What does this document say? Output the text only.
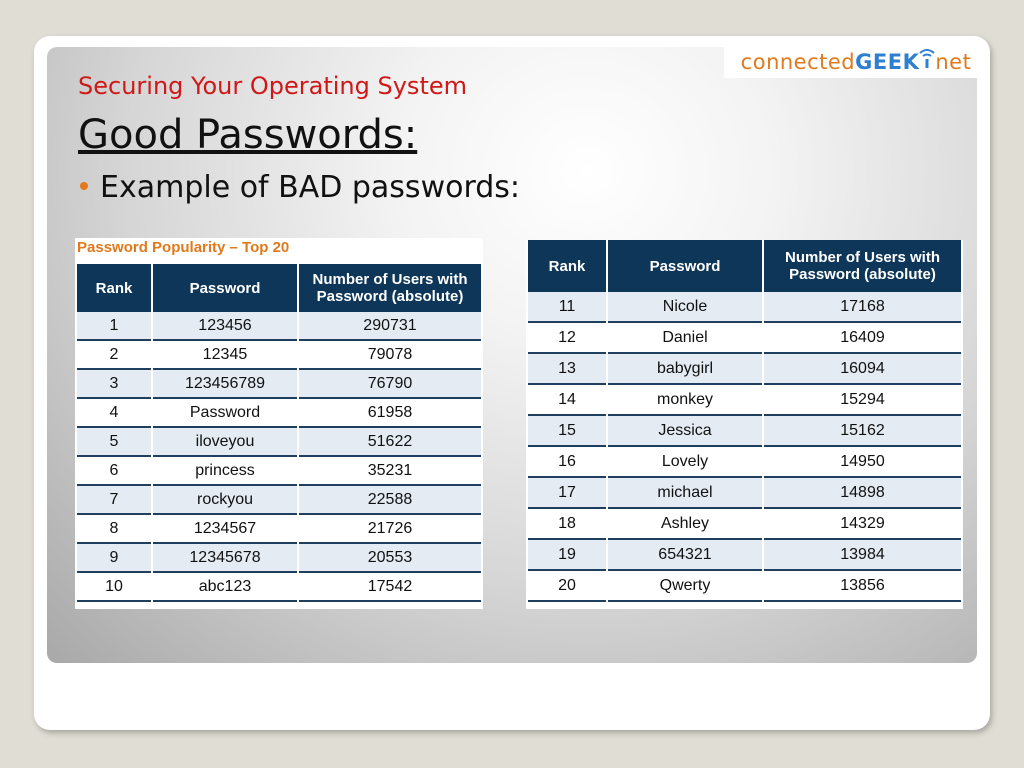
connectedGEEK net
Securing Your Operating System
Good Passwords:
Example of BAD passwords:
Password Popularity – Top 20
Rank	Password	Number of Users with Password (absolute)
1	123456	290731
2	12345	79078
3	123456789	76790
4	Password	61958
5	iloveyou	51622
6	princess	35231
7	rockyou	22588
8	1234567	21726
9	12345678	20553
10	abc123	17542
Rank	Password	Number of Users with Password (absolute)
11	Nicole	17168
12	Daniel	16409
13	babygirl	16094
14	monkey	15294
15	Jessica	15162
16	Lovely	14950
17	michael	14898
18	Ashley	14329
19	654321	13984
20	Qwerty	13856
